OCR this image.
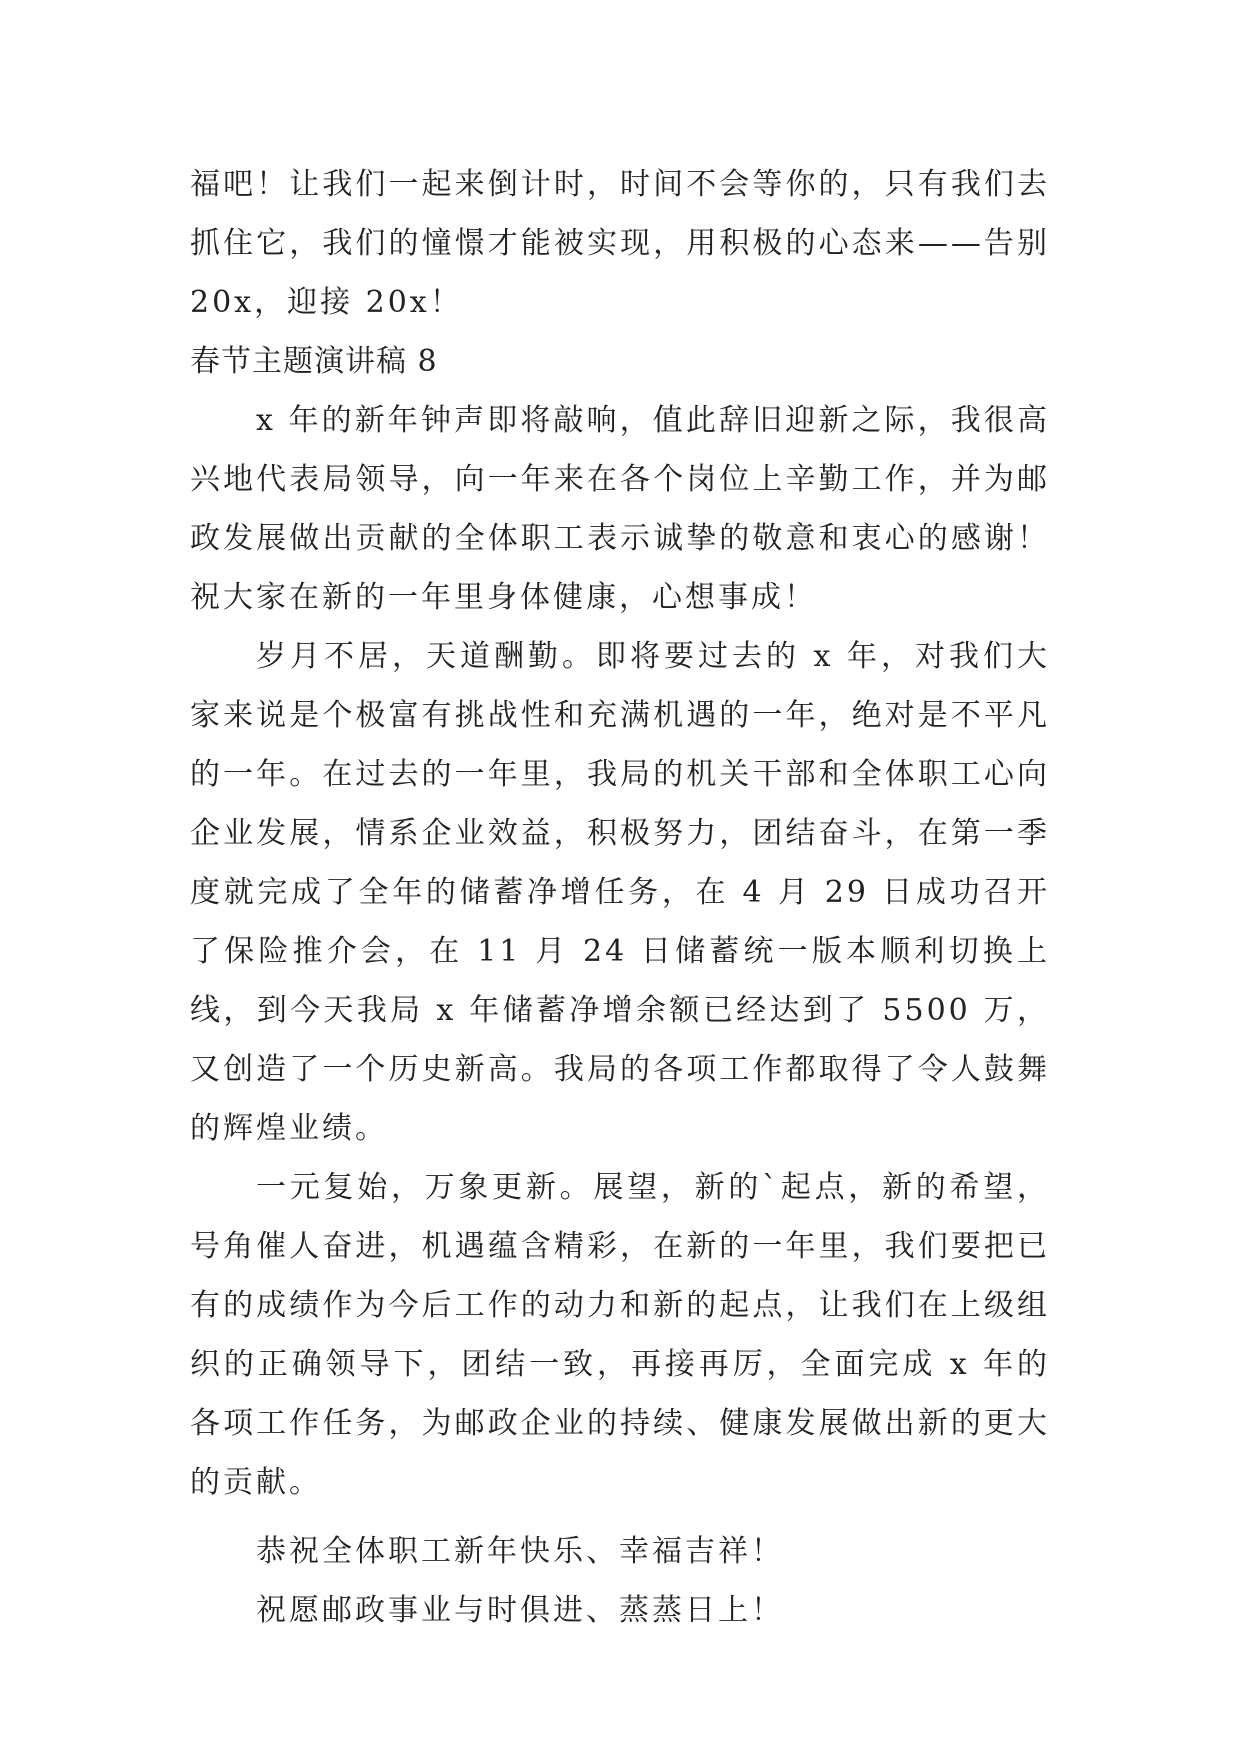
福吧！让我们一起来倒计时，时间不会等你的，只有我们去抓住它，我们的憧憬才能被实现，用积极的心态来——告别 20x，迎接 20x！

春节主题演讲稿 8

x 年的新年钟声即将敲响，值此辞旧迎新之际，我很高兴地代表局领导，向一年来在各个岗位上辛勤工作，并为邮政发展做出贡献的全体职工表示诚挚的敬意和衷心的感谢！祝大家在新的一年里身体健康，心想事成！

岁月不居，天道酬勤。即将要过去的 x 年，对我们大家来说是个极富有挑战性和充满机遇的一年，绝对是不平凡的一年。在过去的一年里，我局的机关干部和全体职工心向企业发展，情系企业效益，积极努力，团结奋斗，在第一季度就完成了全年的储蓄净增任务，在 4 月 29 日成功召开了保险推介会，在 11 月 24 日储蓄统一版本顺利切换上线，到今天我局 x 年储蓄净增余额已经达到了 5500 万，又创造了一个历史新高。我局的各项工作都取得了令人鼓舞的辉煌业绩。

一元复始，万象更新。展望，新的`起点，新的希望，号角催人奋进，机遇蕴含精彩，在新的一年里，我们要把已有的成绩作为今后工作的动力和新的起点，让我们在上级组织的正确领导下，团结一致，再接再厉，全面完成 x 年的各项工作任务，为邮政企业的持续、健康发展做出新的更大的贡献。

恭祝全体职工新年快乐、幸福吉祥！

祝愿邮政事业与时俱进、蒸蒸日上！
